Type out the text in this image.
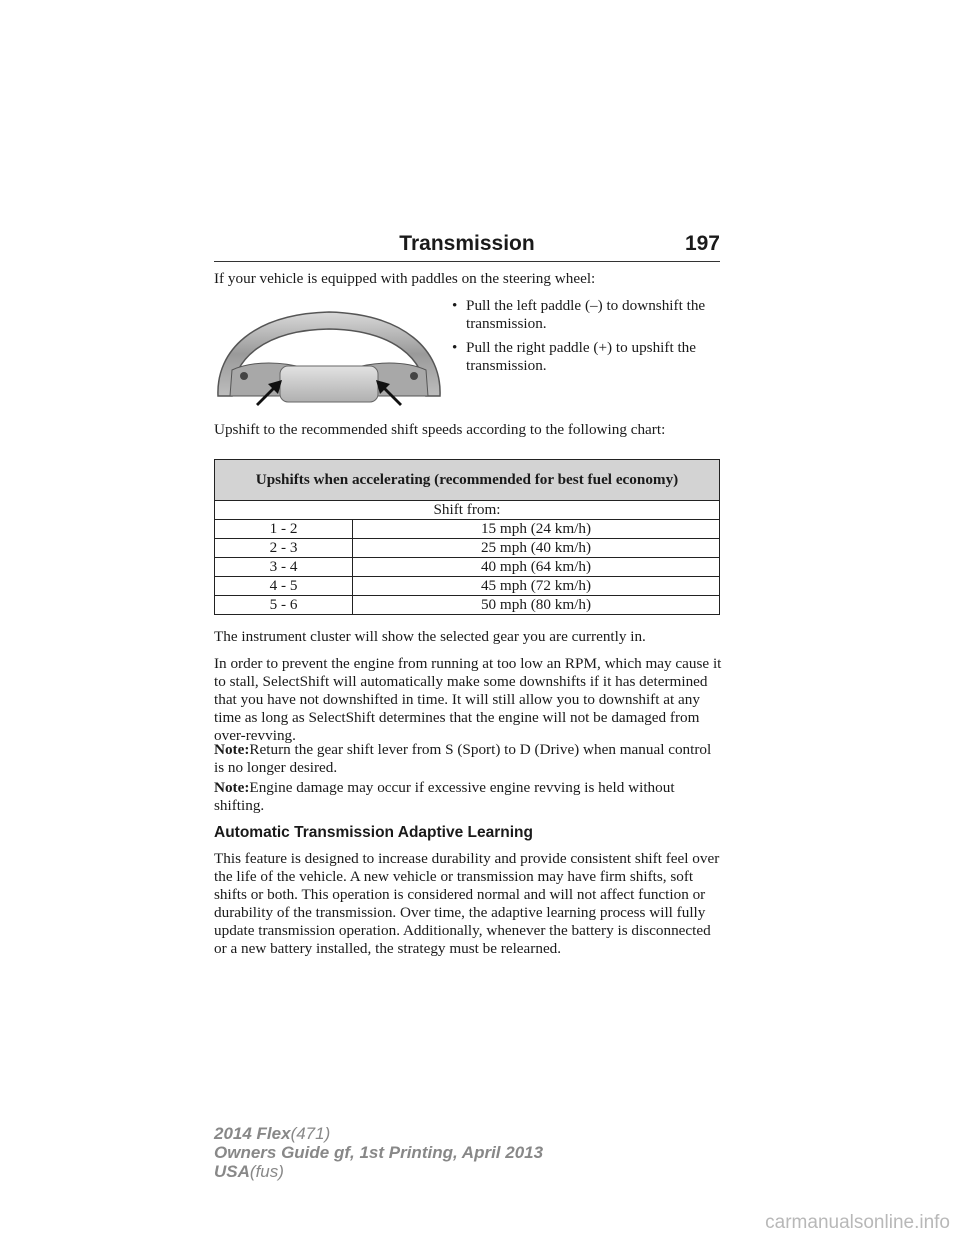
Transmission	197

If your vehicle is equipped with paddles on the steering wheel:

• Pull the left paddle (–) to downshift the transmission.
• Pull the right paddle (+) to upshift the transmission.

Upshift to the recommended shift speeds according to the following chart:

Upshifts when accelerating (recommended for best fuel economy)	
Shift from:	
1 - 2	15 mph (24 km/h)
2 - 3	25 mph (40 km/h)
3 - 4	40 mph (64 km/h)
4 - 5	45 mph (72 km/h)
5 - 6	50 mph (80 km/h)

The instrument cluster will show the selected gear you are currently in.

In order to prevent the engine from running at too low an RPM, which may cause it to stall, SelectShift will automatically make some downshifts if it has determined that you have not downshifted in time. It will still allow you to downshift at any time as long as SelectShift determines that the engine will not be damaged from over-revving.

Note:Return the gear shift lever from S (Sport) to D (Drive) when manual control is no longer desired.

Note:Engine damage may occur if excessive engine revving is held without shifting.

Automatic Transmission Adaptive Learning

This feature is designed to increase durability and provide consistent shift feel over the life of the vehicle. A new vehicle or transmission may have firm shifts, soft shifts or both. This operation is considered normal and will not affect function or durability of the transmission. Over time, the adaptive learning process will fully update transmission operation. Additionally, whenever the battery is disconnected or a new battery installed, the strategy must be relearned.

2014 Flex(471)
Owners Guide gf, 1st Printing, April 2013
USA(fus)
carmanualsonline.info
